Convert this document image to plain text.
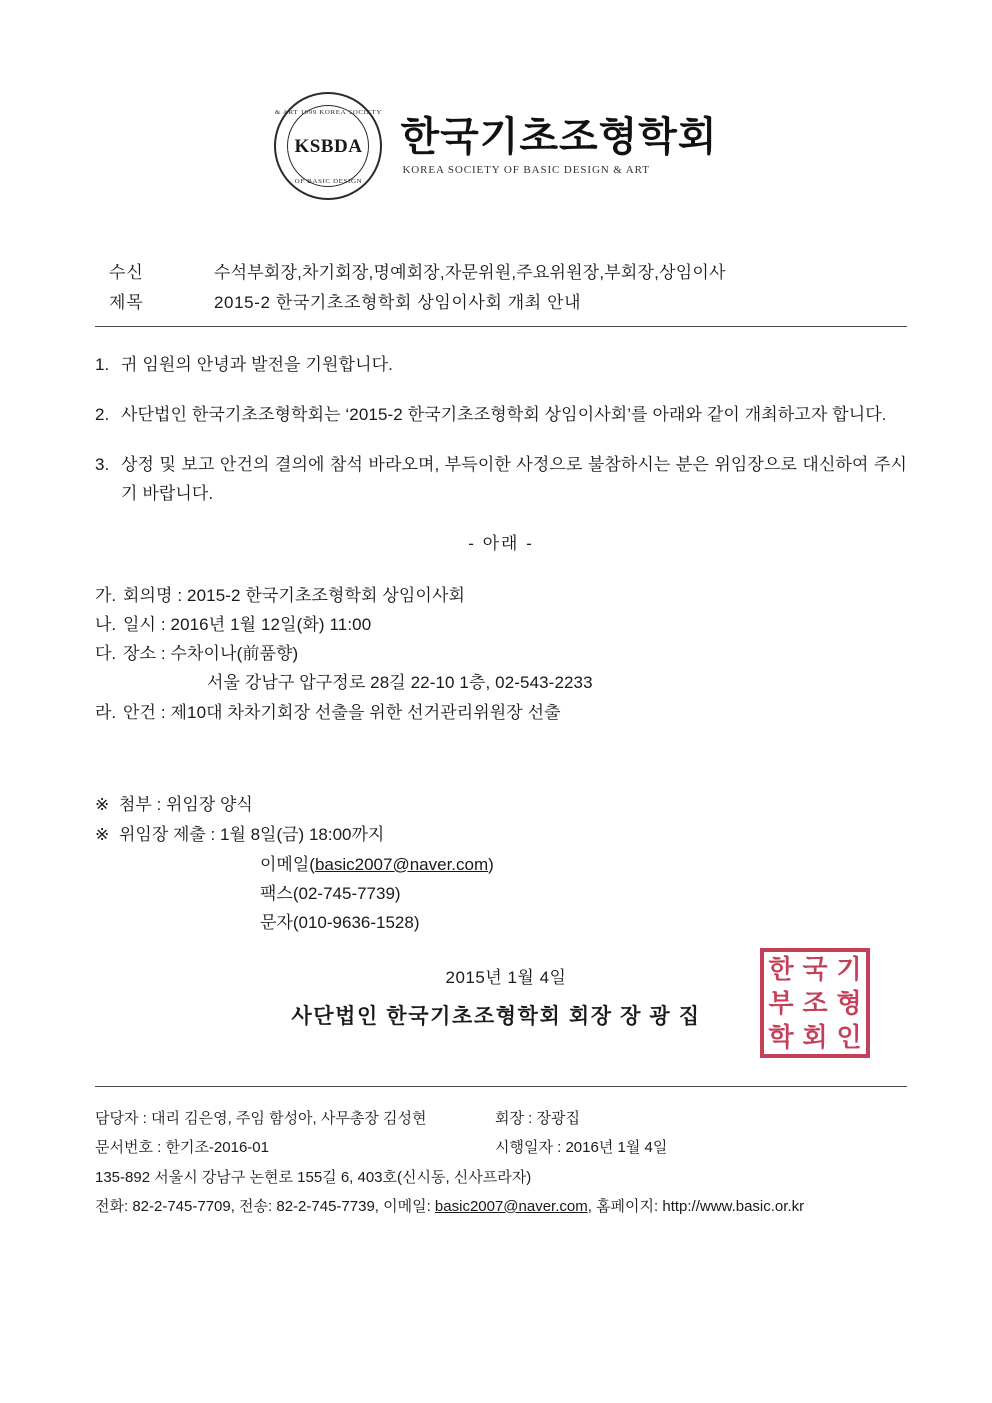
& ART 1999 KOREA SOCIETY
KSBDA
OF BASIC DESIGN
한국기초조형학회
KOREA SOCIETY OF BASIC DESIGN & ART
수신	수석부회장,차기회장,명예회장,자문위원,주요위원장,부회장,상임이사
제목	2015-2 한국기초조형학회 상임이사회 개최 안내
1. 귀 임원의 안녕과 발전을 기원합니다.
2. 사단법인 한국기초조형학회는 ‘2015-2 한국기초조형학회 상임이사회’를 아래와 같이 개최하고자 합니다.
3. 상정 및 보고 안건의 결의에 참석 바라오며, 부득이한 사정으로 불참하시는 분은 위임장으로 대신하여 주시기 바랍니다.
- 아래 -
가. 회의명 : 2015-2 한국기초조형학회 상임이사회
나. 일시 : 2016년 1월 12일(화) 11:00
다. 장소 : 수차이나(前품향)
서울 강남구 압구정로 28길 22-10 1층, 02-543-2233
라. 안건 : 제10대 차차기회장 선출을 위한 선거관리위원장 선출
※ 첨부 : 위임장 양식
※ 위임장 제출 : 1월 8일(금) 18:00까지
이메일(basic2007@naver.com)
팩스(02-745-7739)
문자(010-9636-1528)
2015년 1월 4일
사단법인 한국기초조형학회 회장 장 광 집
한 국 기
부 조 형
학 회 인
담당자 : 대리 김은영, 주임 함성아, 사무총장 김성현	회장 : 장광집
문서번호 : 한기조-2016-01	시행일자 : 2016년 1월 4일
135-892 서울시 강남구 논현로 155길 6, 403호(신시동, 신사프라자)
전화: 82-2-745-7709, 전송: 82-2-745-7739, 이메일: basic2007@naver.com, 홈페이지: http://www.basic.or.kr
